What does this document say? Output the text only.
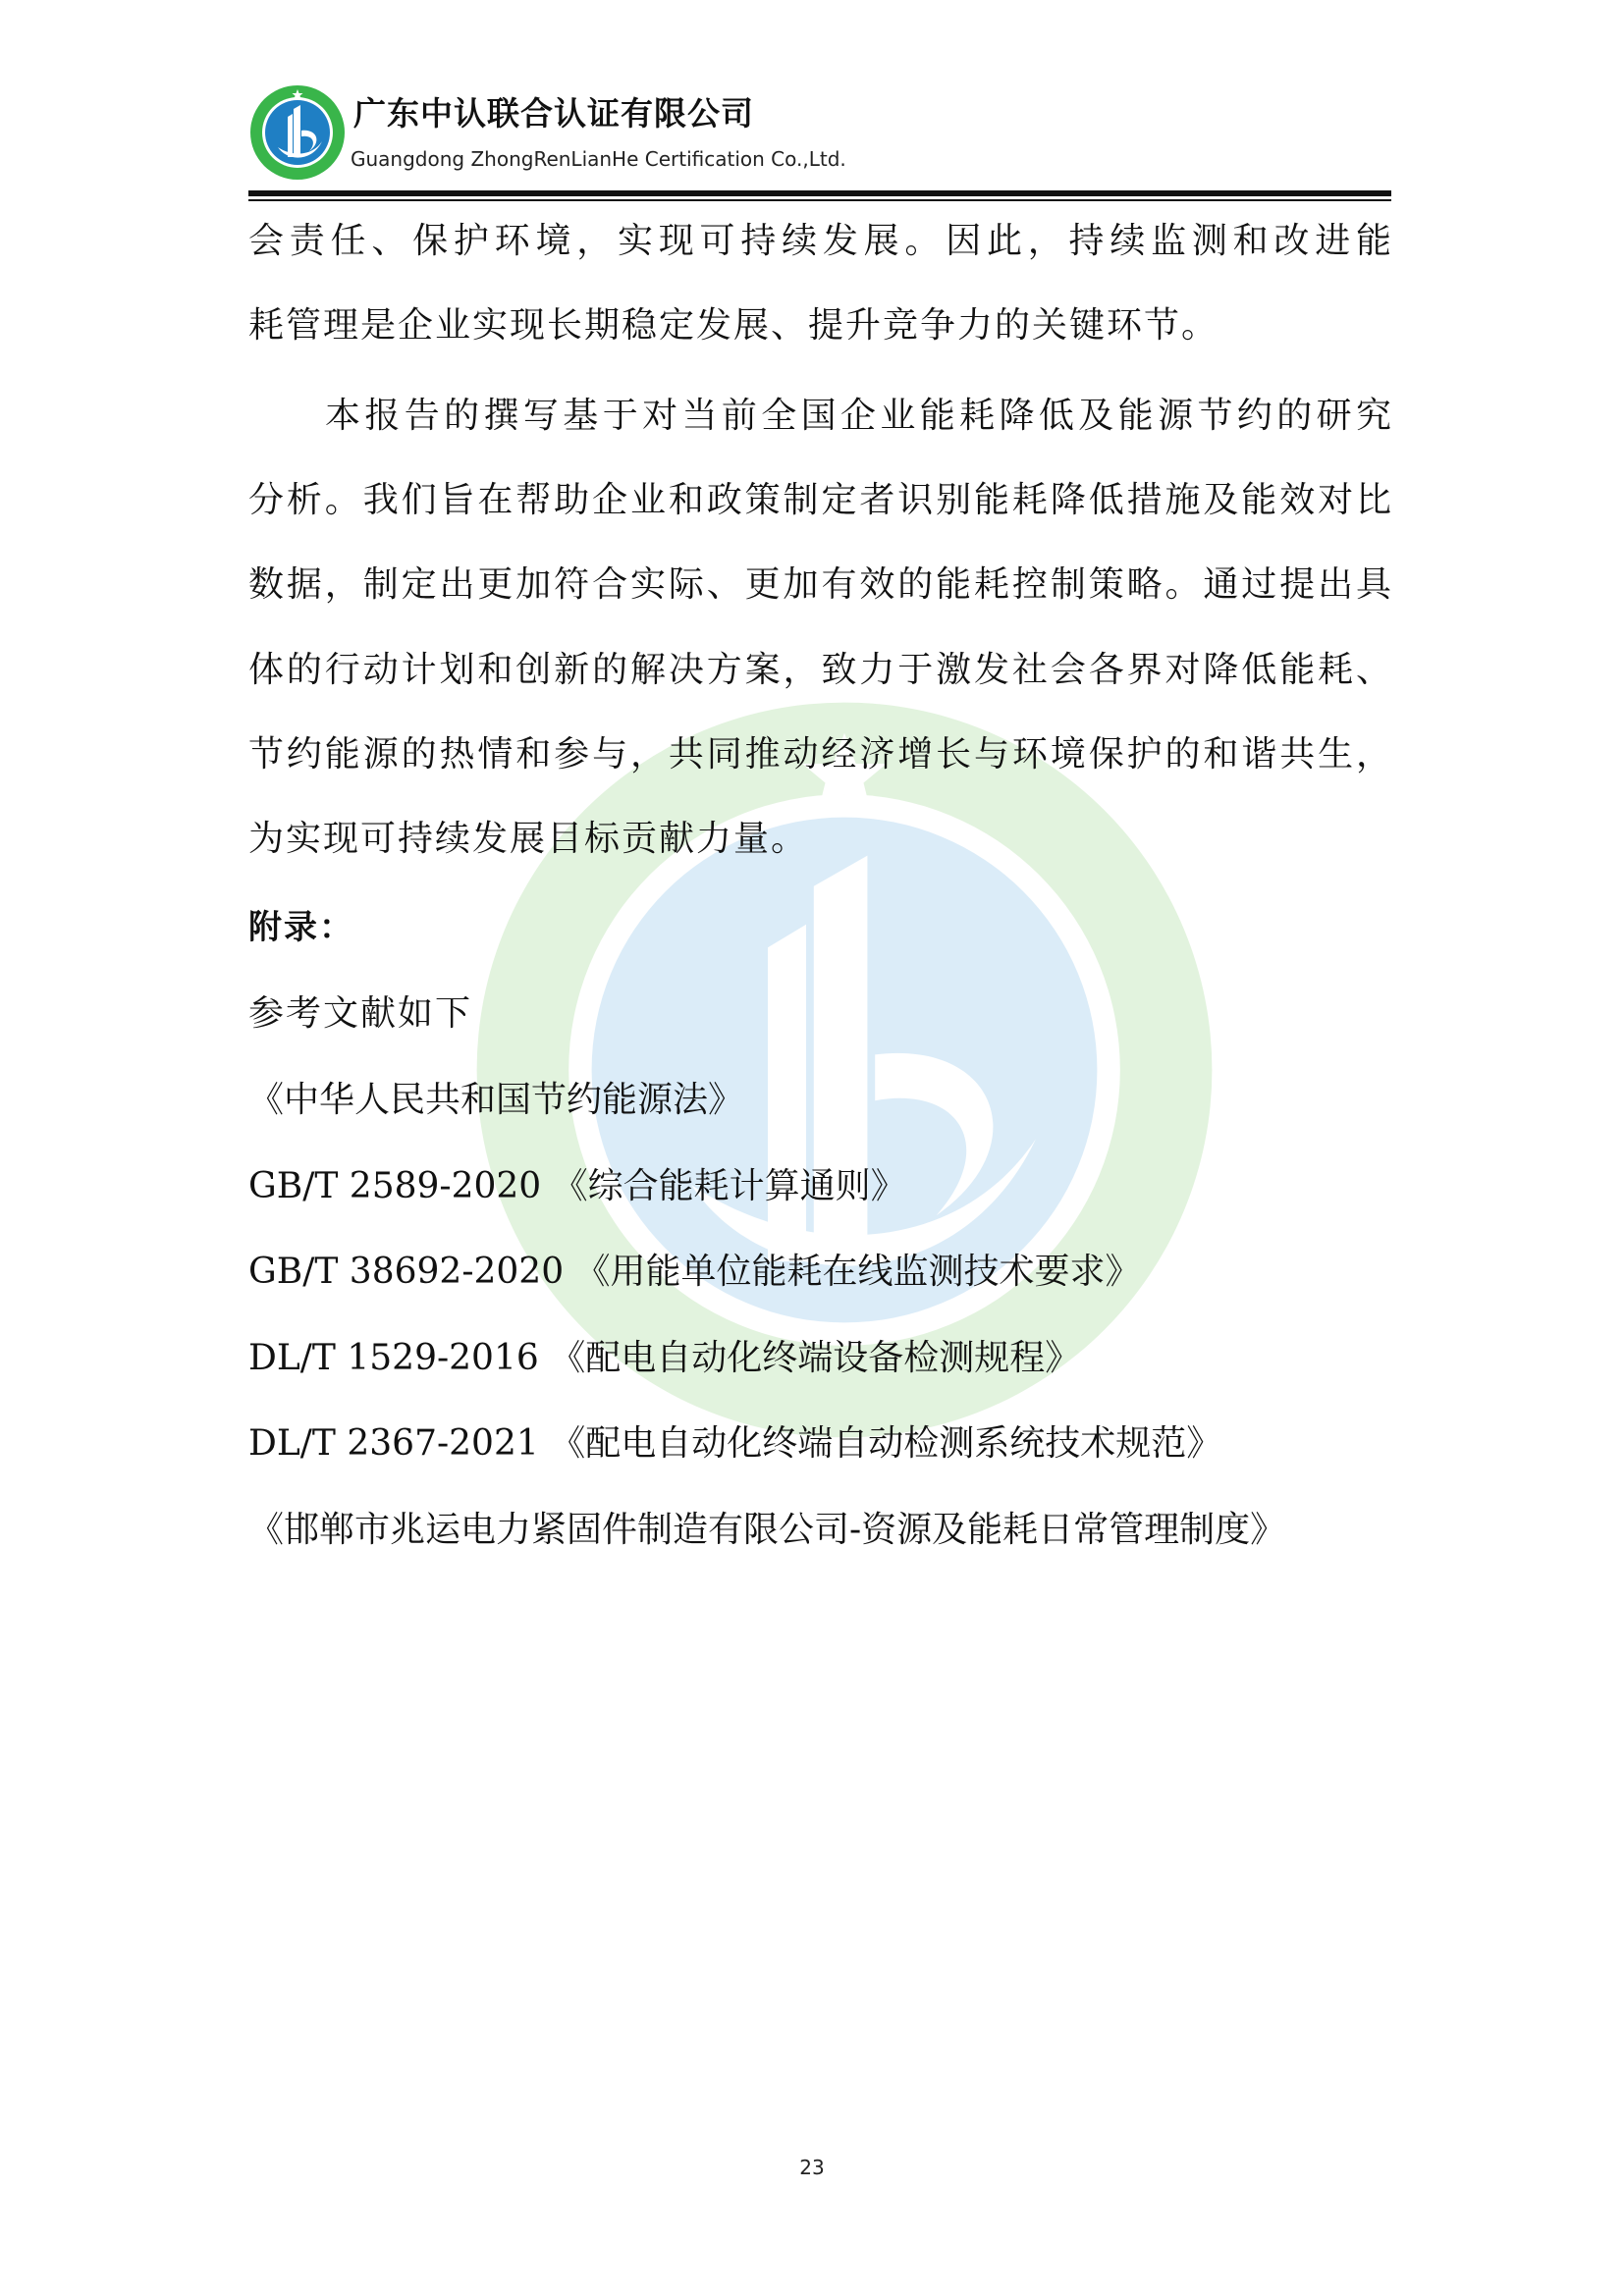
广东中认联合认证有限公司
Guangdong ZhongRenLianHe Certification Co.,Ltd.
会责任、保护环境，实现可持续发展。因此，持续监测和改进能
耗管理是企业实现长期稳定发展、提升竞争力的关键环节。
本报告的撰写基于对当前全国企业能耗降低及能源节约的研究
分析。我们旨在帮助企业和政策制定者识别能耗降低措施及能效对比
数据，制定出更加符合实际、更加有效的能耗控制策略。通过提出具
体的行动计划和创新的解决方案，致力于激发社会各界对降低能耗、
节约能源的热情和参与，共同推动经济增长与环境保护的和谐共生，
为实现可持续发展目标贡献力量。
附录：
参考文献如下
《中华人民共和国节约能源法》
GB/T 2589-2020 《综合能耗计算通则》
GB/T 38692-2020 《用能单位能耗在线监测技术要求》
DL/T 1529-2016 《配电自动化终端设备检测规程》
DL/T 2367-2021 《配电自动化终端自动检测系统技术规范》
《邯郸市兆运电力紧固件制造有限公司-资源及能耗日常管理制度》
23
